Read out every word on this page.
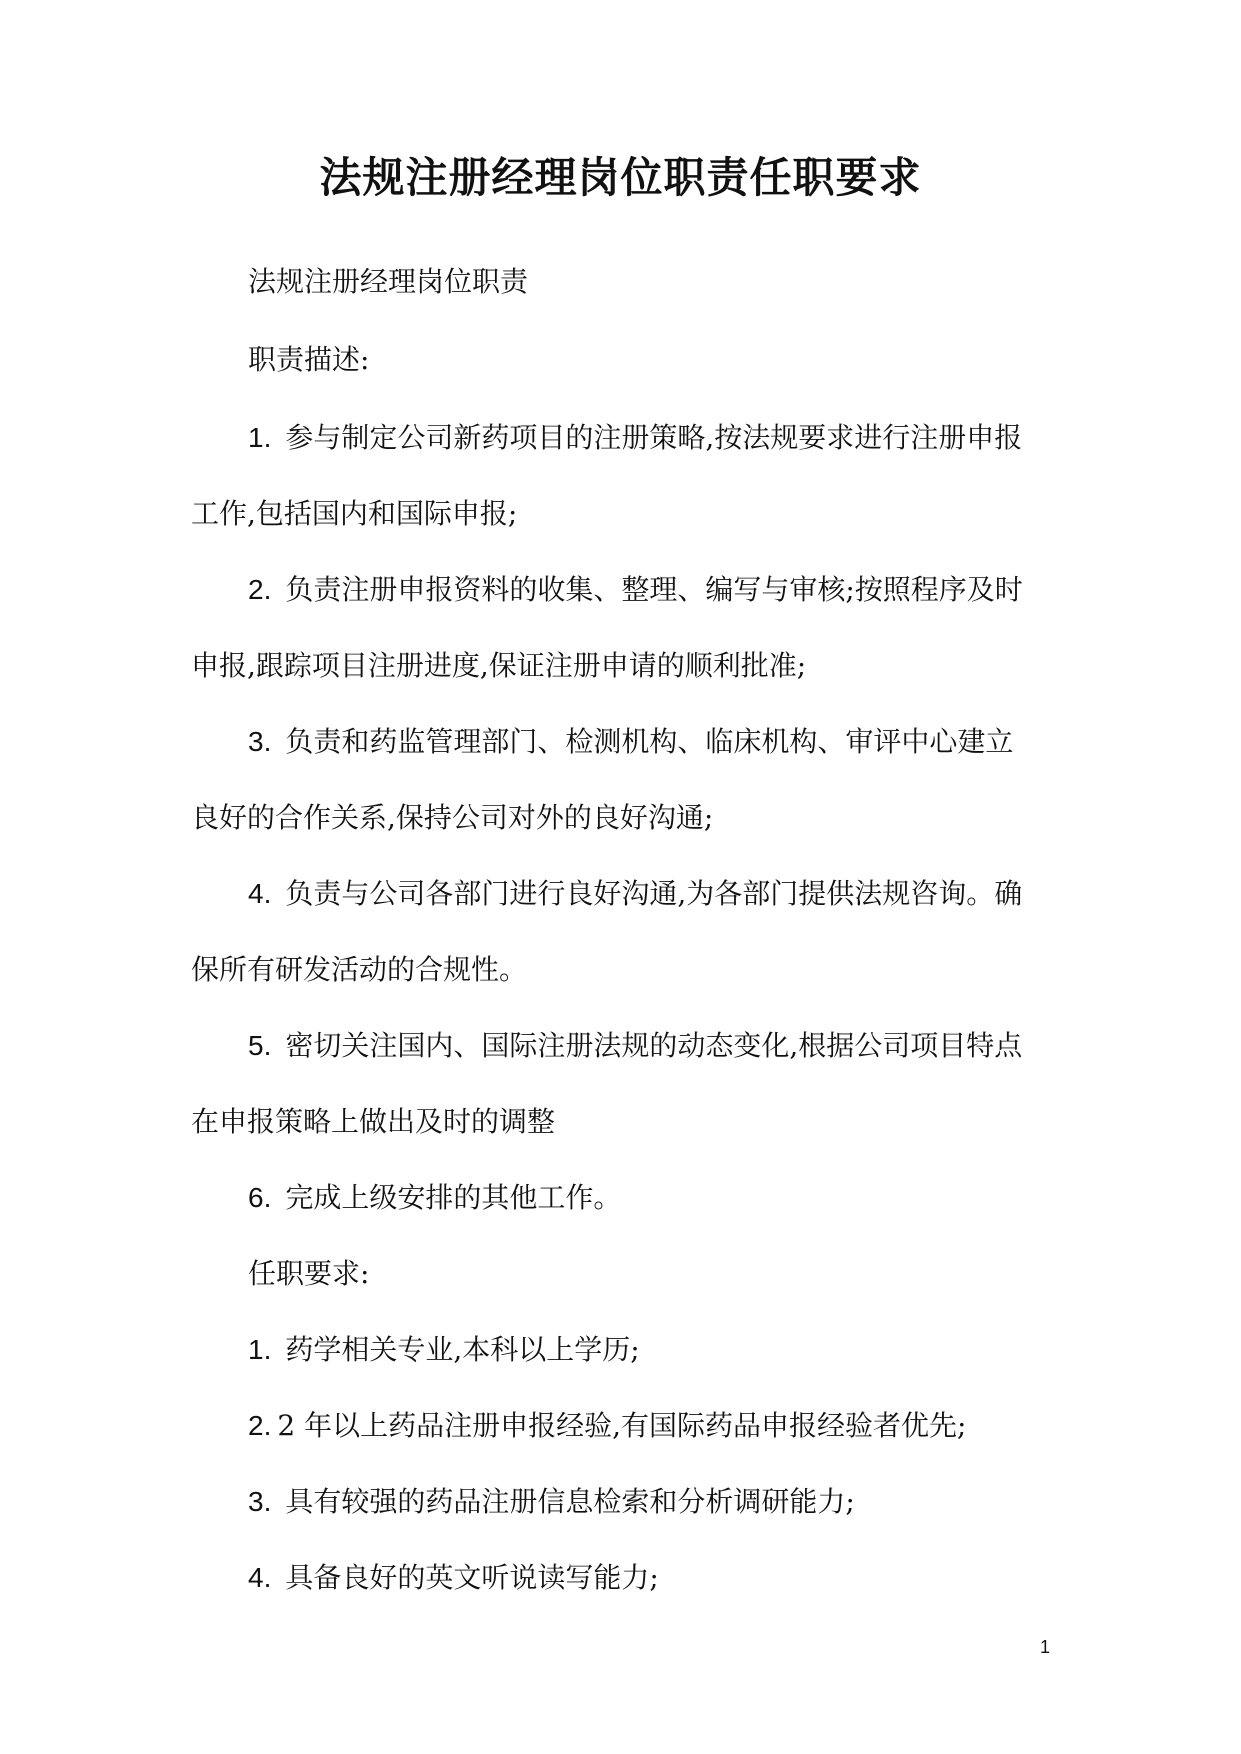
法规注册经理岗位职责任职要求
法规注册经理岗位职责
职责描述:
1. 参与制定公司新药项目的注册策略,按法规要求进行注册申报
工作,包括国内和国际申报;
2. 负责注册申报资料的收集、整理、编写与审核;按照程序及时
申报,跟踪项目注册进度,保证注册申请的顺利批准;
3. 负责和药监管理部门、检测机构、临床机构、审评中心建立
良好的合作关系,保持公司对外的良好沟通;
4. 负责与公司各部门进行良好沟通,为各部门提供法规咨询。确
保所有研发活动的合规性。
5. 密切关注国内、国际注册法规的动态变化,根据公司项目特点
在申报策略上做出及时的调整
6. 完成上级安排的其他工作。
任职要求:
1. 药学相关专业,本科以上学历;
2. 2 年以上药品注册申报经验,有国际药品申报经验者优先;
3. 具有较强的药品注册信息检索和分析调研能力;
4. 具备良好的英文听说读写能力;
1
